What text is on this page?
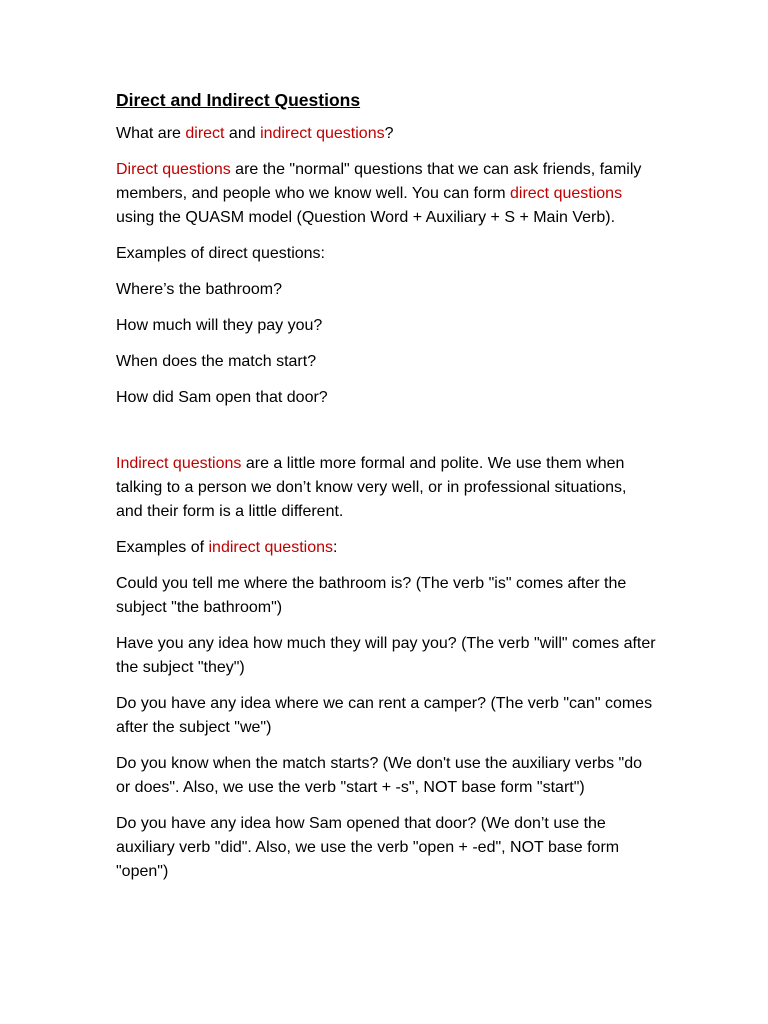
Direct and Indirect Questions

What are direct and indirect questions?

Direct questions are the "normal" questions that we can ask friends, family members, and people who we know well. You can form direct questions using the QUASM model (Question Word + Auxiliary + S + Main Verb).

Examples of direct questions:

Where’s the bathroom?

How much will they pay you?

When does the match start?

How did Sam open that door?

Indirect questions are a little more formal and polite. We use them when talking to a person we don’t know very well, or in professional situations, and their form is a little different.

Examples of indirect questions:

Could you tell me where the bathroom is? (The verb "is" comes after the subject "the bathroom")

Have you any idea how much they will pay you? (The verb "will" comes after the subject "they")

Do you have any idea where we can rent a camper? (The verb "can" comes after the subject "we")

Do you know when the match starts? (We don't use the auxiliary verbs "do or does". Also, we use the verb "start + -s", NOT base form "start")

Do you have any idea how Sam opened that door? (We don’t use the auxiliary verb "did". Also, we use the verb "open + -ed", NOT base form "open")
